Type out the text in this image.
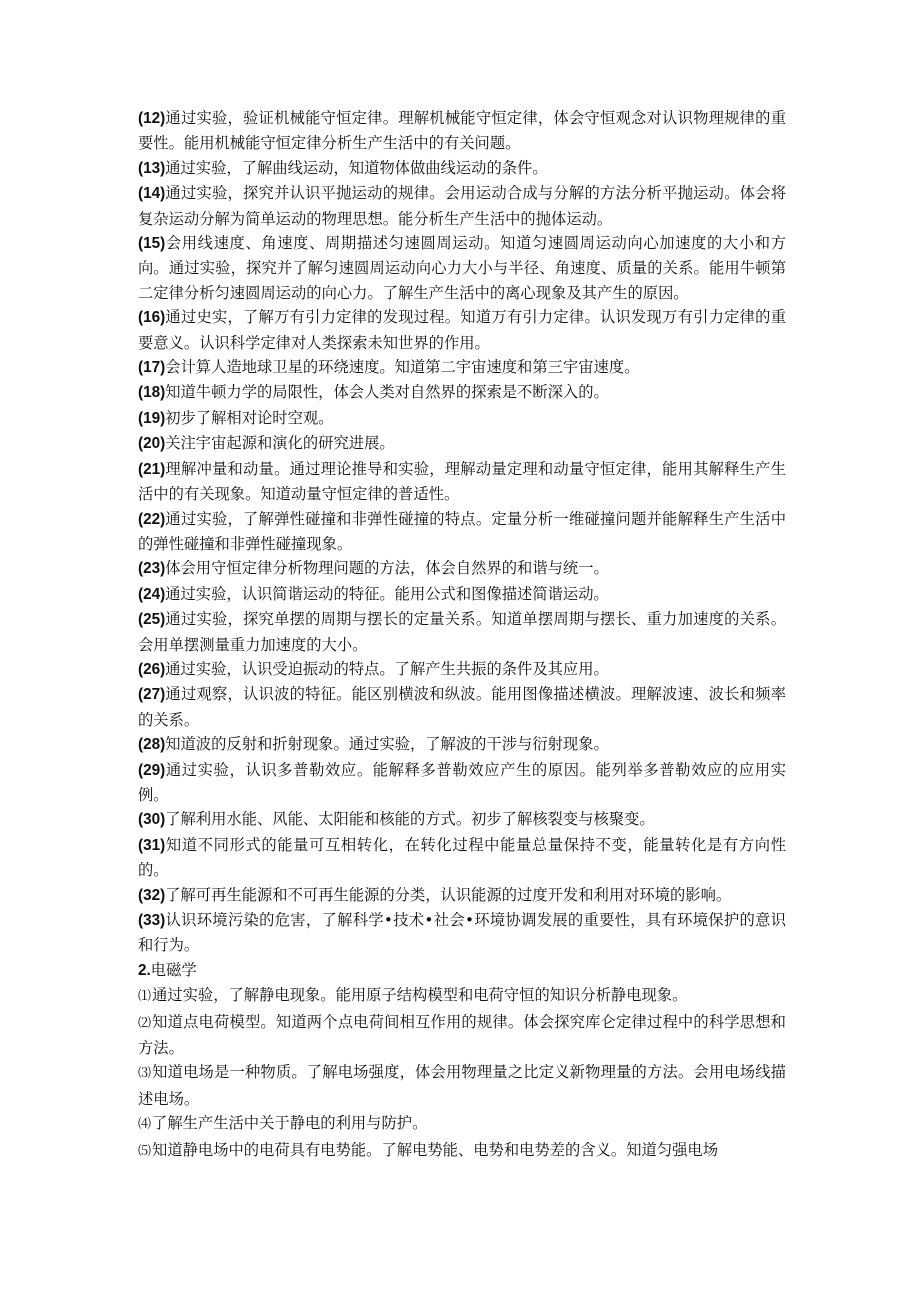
(12)通过实验，验证机械能守恒定律。理解机械能守恒定律，体会守恒观念对认识物理规律的重要性。能用机械能守恒定律分析生产生活中的有关问题。

(13)通过实验，了解曲线运动，知道物体做曲线运动的条件。

(14)通过实验，探究并认识平抛运动的规律。会用运动合成与分解的方法分析平抛运动。体会将复杂运动分解为简单运动的物理思想。能分析生产生活中的抛体运动。

(15)会用线速度、角速度、周期描述匀速圆周运动。知道匀速圆周运动向心加速度的大小和方向。通过实验，探究并了解匀速圆周运动向心力大小与半径、角速度、质量的关系。能用牛顿第二定律分析匀速圆周运动的向心力。了解生产生活中的离心现象及其产生的原因。

(16)通过史实，了解万有引力定律的发现过程。知道万有引力定律。认识发现万有引力定律的重要意义。认识科学定律对人类探索未知世界的作用。

(17)会计算人造地球卫星的环绕速度。知道第二宇宙速度和第三宇宙速度。

(18)知道牛顿力学的局限性，体会人类对自然界的探索是不断深入的。

(19)初步了解相对论时空观。

(20)关注宇宙起源和演化的研究进展。

(21)理解冲量和动量。通过理论推导和实验，理解动量定理和动量守恒定律，能用其解释生产生活中的有关现象。知道动量守恒定律的普适性。

(22)通过实验，了解弹性碰撞和非弹性碰撞的特点。定量分析一维碰撞问题并能解释生产生活中的弹性碰撞和非弹性碰撞现象。

(23)体会用守恒定律分析物理问题的方法，体会自然界的和谐与统一。

(24)通过实验，认识简谐运动的特征。能用公式和图像描述简谐运动。

(25)通过实验，探究单摆的周期与摆长的定量关系。知道单摆周期与摆长、重力加速度的关系。会用单摆测量重力加速度的大小。

(26)通过实验，认识受迫振动的特点。了解产生共振的条件及其应用。

(27)通过观察，认识波的特征。能区别横波和纵波。能用图像描述横波。理解波速、波长和频率的关系。

(28)知道波的反射和折射现象。通过实验，了解波的干涉与衍射现象。

(29)通过实验，认识多普勒效应。能解释多普勒效应产生的原因。能列举多普勒效应的应用实例。

(30)了解利用水能、风能、太阳能和核能的方式。初步了解核裂变与核聚变。

(31)知道不同形式的能量可互相转化，在转化过程中能量总量保持不变，能量转化是有方向性的。

(32)了解可再生能源和不可再生能源的分类，认识能源的过度开发和利用对环境的影响。

(33)认识环境污染的危害，了解科学•技术•社会•环境协调发展的重要性，具有环境保护的意识和行为。

2.电磁学

⑴通过实验，了解静电现象。能用原子结构模型和电荷守恒的知识分析静电现象。

⑵知道点电荷模型。知道两个点电荷间相互作用的规律。体会探究库仑定律过程中的科学思想和方法。

⑶知道电场是一种物质。了解电场强度，体会用物理量之比定义新物理量的方法。会用电场线描述电场。

⑷了解生产生活中关于静电的利用与防护。

⑸知道静电场中的电荷具有电势能。了解电势能、电势和电势差的含义。知道匀强电场
